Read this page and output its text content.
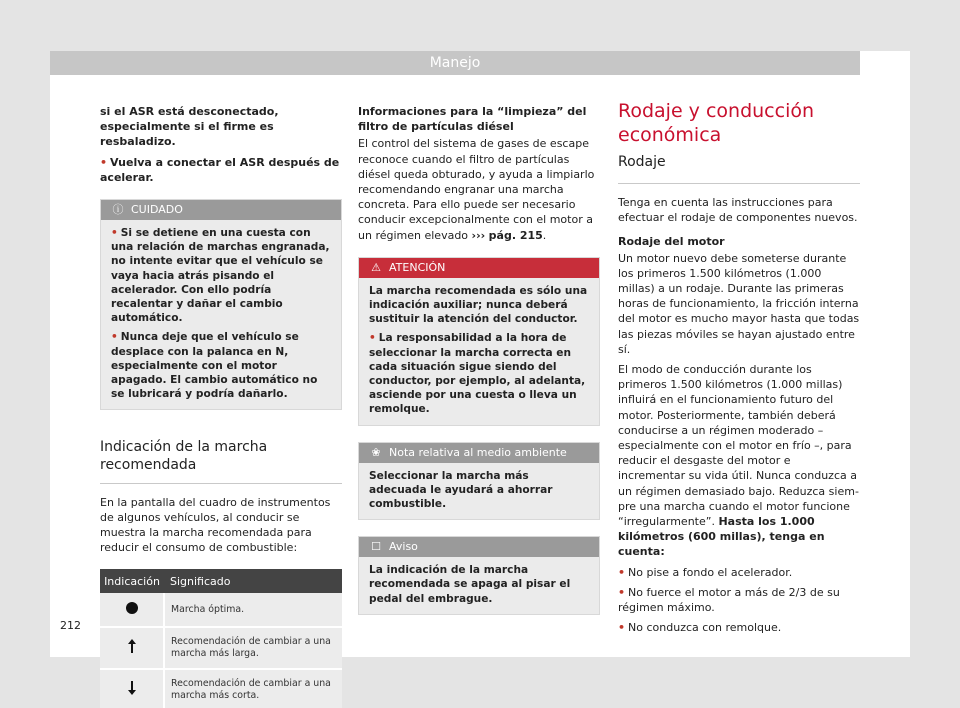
Manejo

si el ASR está desconectado, especialmente si el firme es resbaladizo.

• Vuelva a conectar el ASR después de acelerar.

ⓘ CUIDADO

• Si se detiene en una cuesta con una relación de marchas engranada, no intente evitar que el vehículo se vaya hacia atrás pisando el acelerador. Con ello podría recalentar y dañar el cambio automático.

• Nunca deje que el vehículo se desplace con la palanca en N, especialmente con el motor apagado. El cambio automático no se lubricará y podría dañarlo.

Indicación de la marcha recomendada

En la pantalla del cuadro de instrumentos de algunos vehículos, al conducir se muestra la marcha recomendada para reducir el consumo de combustible:

Indicación	Significado
	Marcha óptima.
	Recomendación de cambiar a una marcha más larga.
	Recomendación de cambiar a una marcha más corta.

Informaciones para la “limpieza” del filtro de partículas diésel

El control del sistema de gases de escape reconoce cuando el filtro de partículas diésel queda obturado, y ayuda a limpiarlo recomendando engranar una marcha concreta. Para ello puede ser necesario conducir excepcionalmente con el motor a un régimen elevado ››› pág. 215.

⚠ ATENCIÓN

La marcha recomendada es sólo una indicación auxiliar; nunca deberá sustituir la atención del conductor.

• La responsabilidad a la hora de seleccionar la marcha correcta en cada situación sigue siendo del conductor, por ejemplo, al adelanta, asciende por una cuesta o lleva un remolque.

❀ Nota relativa al medio ambiente
Seleccionar la marcha más adecuada le ayudará a ahorrar combustible.
☐ Aviso
La indicación de la marcha recomendada se apaga al pisar el pedal del embrague.
Rodaje y conducción económica
Rodaje

Tenga en cuenta las instrucciones para efectuar el rodaje de componentes nuevos.

Rodaje del motor

Un motor nuevo debe someterse durante los primeros 1.500 kilómetros (1.000 millas) a un rodaje. Durante las primeras horas de funcionamiento, la fricción interna del motor es mucho mayor hasta que todas las piezas móviles se hayan ajustado entre sí.

El modo de conducción durante los primeros 1.500 kilómetros (1.000 millas) influirá en el funcionamiento futuro del motor. Posteriormente, también deberá conducirse a un régimen moderado – especialmente con el motor en frío –, para reducir el desgaste del motor e incrementar su vida útil. Nunca conduzca a un régimen demasiado bajo. Reduzca siempre una marcha cuando el motor funcione “irregularmente”. Hasta los 1.000 kilómetros (600 millas), tenga en cuenta:

• No pise a fondo el acelerador.

• No fuerce el motor a más de 2/3 de su régimen máximo.

• No conduzca con remolque.

212
